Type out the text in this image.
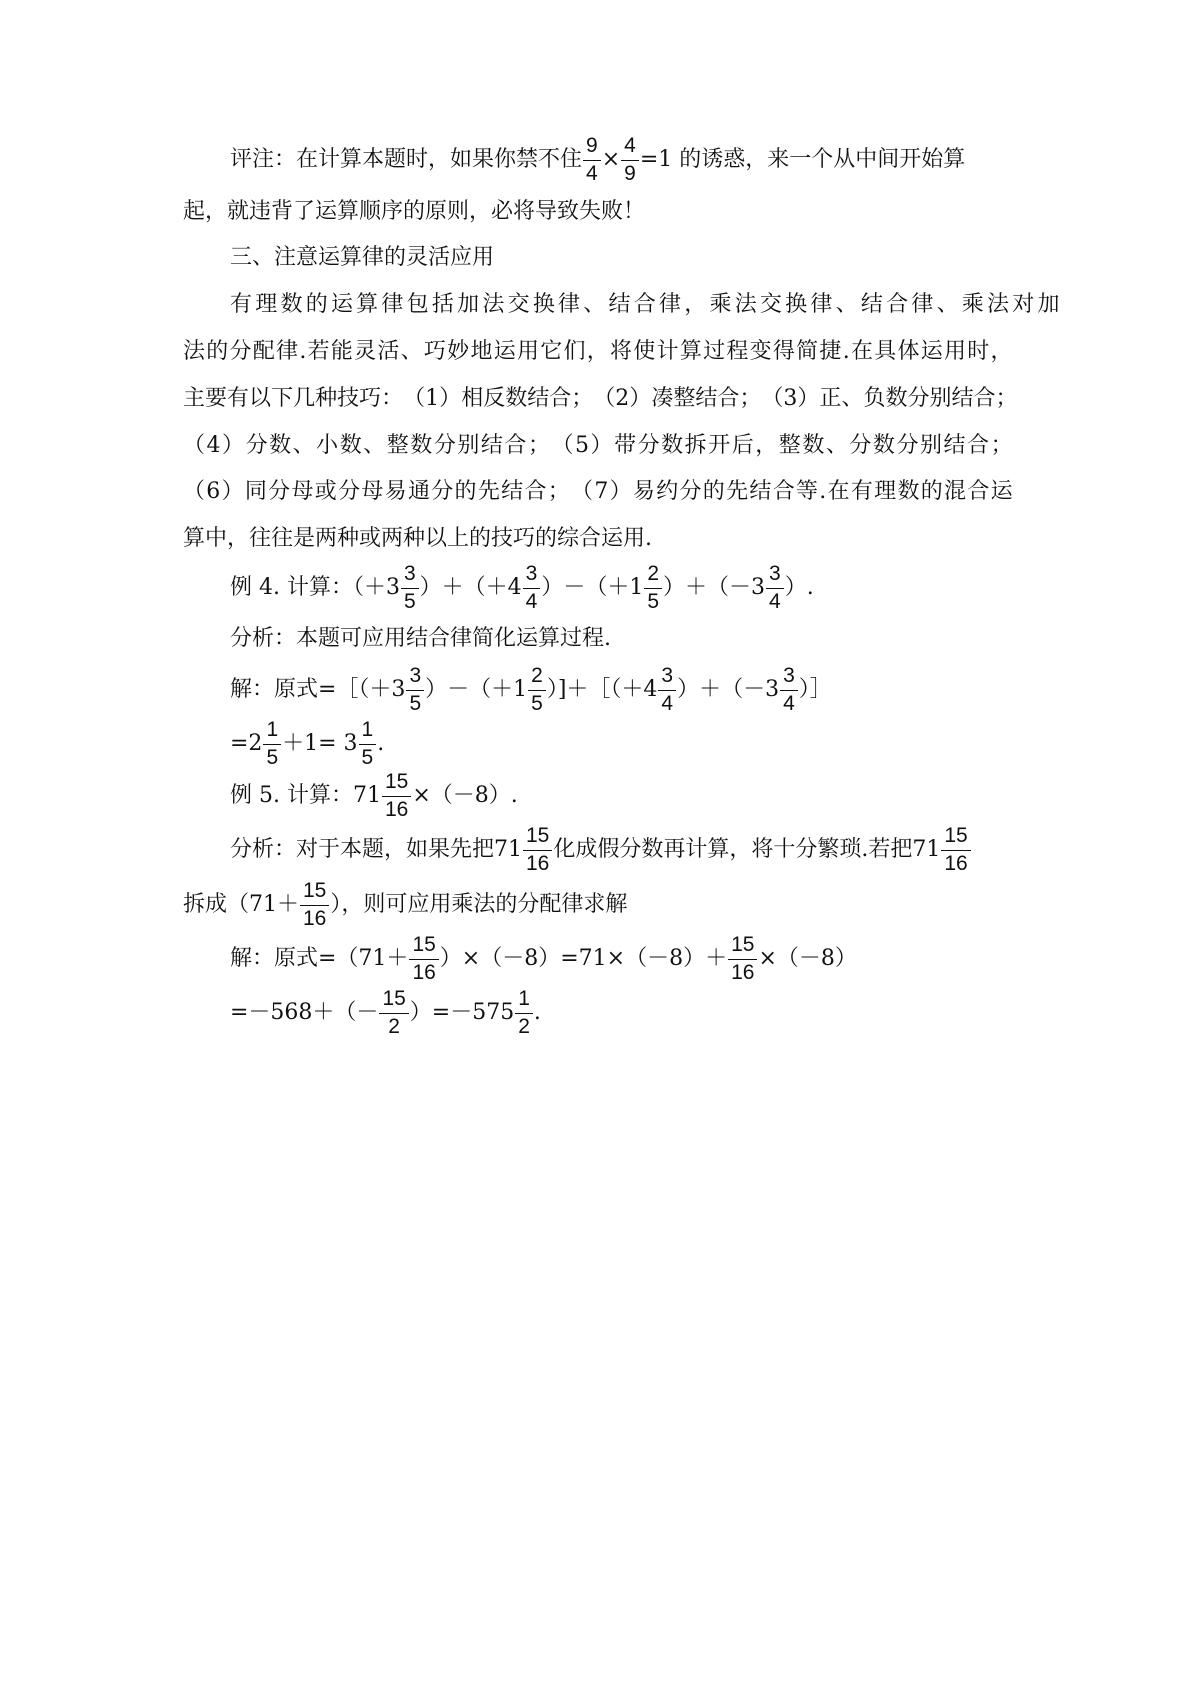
评注：在计算本题时，如果你禁不住 $\frac{9}{4} \times \frac{4}{9} =1$ 的诱惑，来一个从中间开始算
起，就违背了运算顺序的原则，必将导致失败！
三、注意运算律的灵活应用
有 理 数 的 运 算 律 包 括 加 法 交 换 律 、 结 合 律 ， 乘 法 交 换 律 、 结 合 律 、 乘 法 对 加
法 的 分 配 律 . 若 能 灵 活 、 巧 妙 地 运 用 它 们 ， 将 使 计 算 过 程 变 得 简 捷 . 在 具 体 运 用 时 ，
主 要 有 以 下 几 种 技 巧 ： （ 1 ） 相 反 数 结 合 ； （ 2 ） 凑 整 结 合 ； （ 3 ） 正 、 负 数 分 别 结 合 ；
（ 4 ） 分 数 、 小 数 、 整 数 分 别 结 合 ； （ 5 ） 带 分 数 拆 开 后 ， 整 数 、 分 数 分 别 结 合 ；
（ 6 ） 同 分 母 或 分 母 易 通 分 的 先 结 合 ； （ 7 ） 易 约 分 的 先 结 合 等 . 在 有 理 数 的 混 合 运
算中，往往是两种或两种以上的技巧的综合运用.
例 4. 计算：$(+3 \frac{3}{5} )+(+4 \frac{3}{4} )-(+1 \frac{2}{5} )+(-3 \frac{3}{4}$ ）.
分析：本题可应用结合律简化运算过程.
解：原式=［（＋3 $\frac{3}{5} )-(+1 \frac{2}{5}$ ）]＋［（＋4 $\frac{3}{4} )+(-3 \frac{3}{4}$ ）］
$=2 \frac{1}{5} +1= 3 \frac{1}{5}$ .
例 5. 计算：$71 \frac{15}{16} \times(-8)$.
分析：对于本题，如果先把$71 \frac{15}{16}$ 化成假分数再计算，将十分繁琐.若把$71 \frac{15}{16}$
拆成（$71+ \frac{15}{16}$ ），则可应用乘法的分配律求解
解：原式$=(71+ \frac{15}{16} )\times(-8)=71\times(-8)+ \frac{15}{16} \times(-8)$
$=-568+(- \frac{15}{2} )=-575 \frac{1}{2}$ .
